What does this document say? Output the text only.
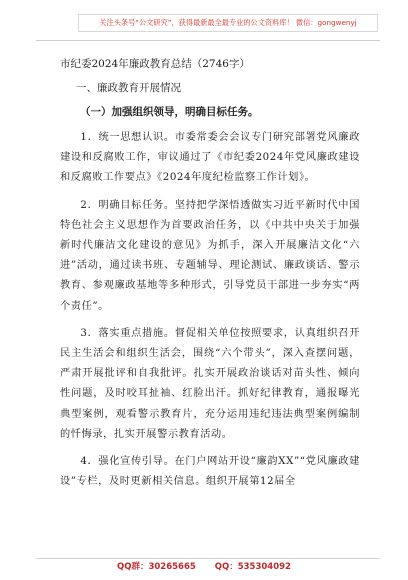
关注头条号“公文研究”，获得最新最全最专业的公文资料库！ 微信：gongwenyj
市纪委2024年廉政教育总结（2746字）
一、廉政教育开展情况
（一）加强组织领导，明确目标任务。

1．统一思想认识。市委常委会会议专门研究部署党风廉政建设和反腐败工作，审议通过了《市纪委2024年党风廉政建设和反腐败工作要点》《2024年度纪检监察工作计划》。

2．明确目标任务。坚持把学深悟透做实习近平新时代中国特色社会主义思想作为首要政治任务，以《中共中央关于加强新时代廉洁文化建设的意见》为抓手，深入开展廉洁文化“六进”活动，通过读书班、专题辅导、理论测试、廉政谈话、警示教育、参观廉政基地等多种形式，引导党员干部进一步夯实“两个责任”。

3．落实重点措施。督促相关单位按照要求，认真组织召开民主生活会和组织生活会，围绕“六个带头”，深入查摆问题，严肃开展批评和自我批评。扎实开展政治谈话对苗头性、倾向性问题，及时咬耳扯袖、红脸出汗。抓好纪律教育，通报曝光典型案例，观看警示教育片，充分运用违纪违法典型案例编制的忏悔录，扎实开展警示教育活动。

4．强化宣传引导。在门户网站开设“廉韵XX”“党风廉政建设”专栏，及时更新相关信息。组织开展第12届全

QQ群：30265665 QQ：535304092
